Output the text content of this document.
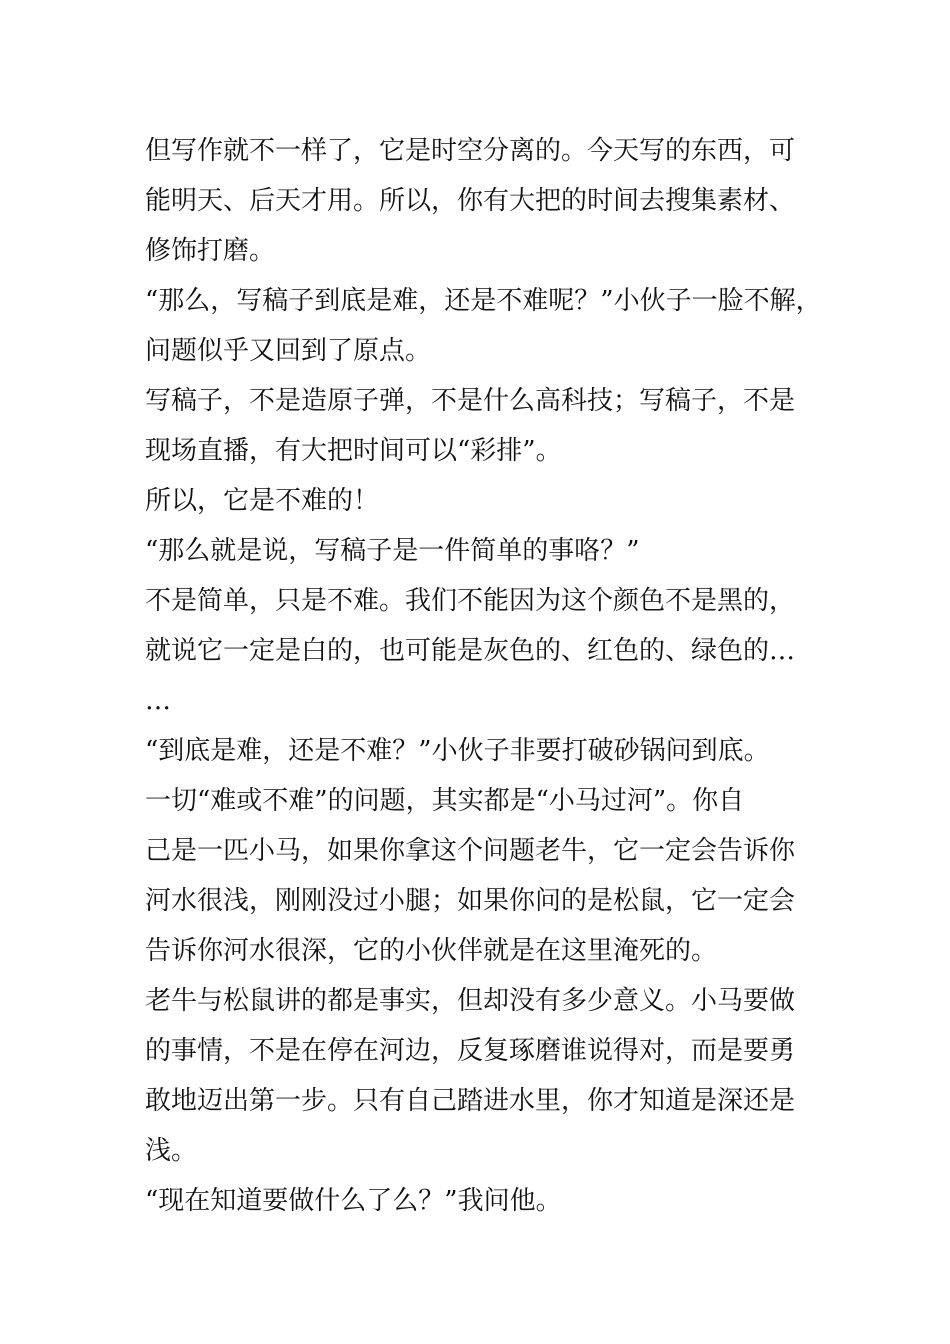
但写作就不一样了，它是时空分离的。今天写的东西，可

能明天、后天才用。所以，你有大把的时间去搜集素材、

修饰打磨。

“那么，写稿子到底是难，还是不难呢？”小伙子一脸不解，

问题似乎又回到了原点。

写稿子，不是造原子弹，不是什么高科技；写稿子，不是

现场直播，有大把时间可以“彩排”。

所以，它是不难的！

“那么就是说，写稿子是一件简单的事咯？”

不是简单，只是不难。我们不能因为这个颜色不是黑的，

就说它一定是白的，也可能是灰色的、红色的、绿色的…

…

“到底是难，还是不难？”小伙子非要打破砂锅问到底。

一切“难或不难”的问题，其实都是“小马过河”。你自

己是一匹小马，如果你拿这个问题老牛，它一定会告诉你

河水很浅，刚刚没过小腿；如果你问的是松鼠，它一定会

告诉你河水很深，它的小伙伴就是在这里淹死的。

老牛与松鼠讲的都是事实，但却没有多少意义。小马要做

的事情，不是在停在河边，反复琢磨谁说得对，而是要勇

敢地迈出第一步。只有自己踏进水里，你才知道是深还是

浅。

“现在知道要做什么了么？”我问他。
